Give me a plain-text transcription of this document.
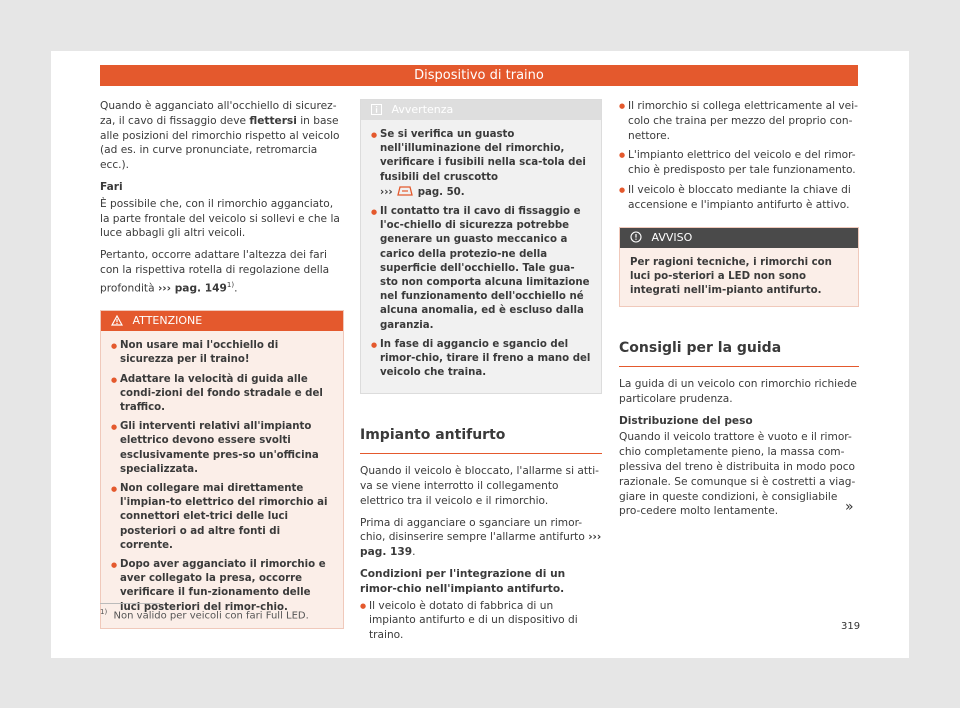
Dispositivo di traino

Quando è agganciato all'occhiello di sicurez-za, il cavo di fissaggio deve flettersi in base alle posizioni del rimorchio rispetto al veicolo (ad es. in curve pronunciate, retromarcia ecc.).

Fari

È possibile che, con il rimorchio agganciato, la parte frontale del veicolo si sollevi e che la luce abbagli gli altri veicoli.

Pertanto, occorre adattare l'altezza dei fari con la rispettiva rotella di regolazione della profondità ››› pag. 149$^{1)}$.

ATTENZIONE
● Non usare mai l'occhiello di sicurezza per il traino!
● Adattare la velocità di guida alle condi-zioni del fondo stradale e del traffico.
● Gli interventi relativi all'impianto elettrico devono essere svolti esclusivamente pres-so un'officina specializzata.
● Non collegare mai direttamente l'impian-to elettrico del rimorchio ai connettori elet-trici delle luci posteriori o ad altre fonti di corrente.
● Dopo aver agganciato il rimorchio e aver collegato la presa, occorre verificare il fun-zionamento delle luci posteriori del rimor-chio.
Avvertenza
● Se si verifica un guasto nell'illuminazione del rimorchio, verificare i fusibili nella sca-tola dei fusibili del cruscotto
››› pag. 50.
● Il contatto tra il cavo di fissaggio e l'oc-chiello di sicurezza potrebbe generare un guasto meccanico a carico della protezio-ne della superficie dell'occhiello. Tale gua-sto non comporta alcuna limitazione nel funzionamento dell'occhiello né alcuna anomalia, ed è escluso dalla garanzia.
● In fase di aggancio e sgancio del rimor-chio, tirare il freno a mano del veicolo che traina.
Impianto antifurto

Quando il veicolo è bloccato, l'allarme si atti-va se viene interrotto il collegamento elettrico tra il veicolo e il rimorchio.

Prima di agganciare o sganciare un rimor-chio, disinserire sempre l'allarme antifurto ››› pag. 139.

Condizioni per l'integrazione di un rimor-chio nell'impianto antifurto.

● Il veicolo è dotato di fabbrica di un impianto antifurto e di un dispositivo di traino.
● Il rimorchio si collega elettricamente al vei-colo che traina per mezzo del proprio con-nettore.
● L'impianto elettrico del veicolo e del rimor-chio è predisposto per tale funzionamento.
● Il veicolo è bloccato mediante la chiave di accensione e l'impianto antifurto è attivo.
AVVISO
Per ragioni tecniche, i rimorchi con luci po-steriori a LED non sono integrati nell'im-pianto antifurto.
Consigli per la guida

La guida di un veicolo con rimorchio richiede particolare prudenza.

Distribuzione del peso

Quando il veicolo trattore è vuoto e il rimor-chio completamente pieno, la massa com-plessiva del treno è distribuita in modo poco razionale. Se comunque si è costretti a viag-giare in queste condizioni, è consigliabile pro-cedere molto lentamente.	»
$^{1)}$ Non valido per veicoli con fari Full LED.
319
